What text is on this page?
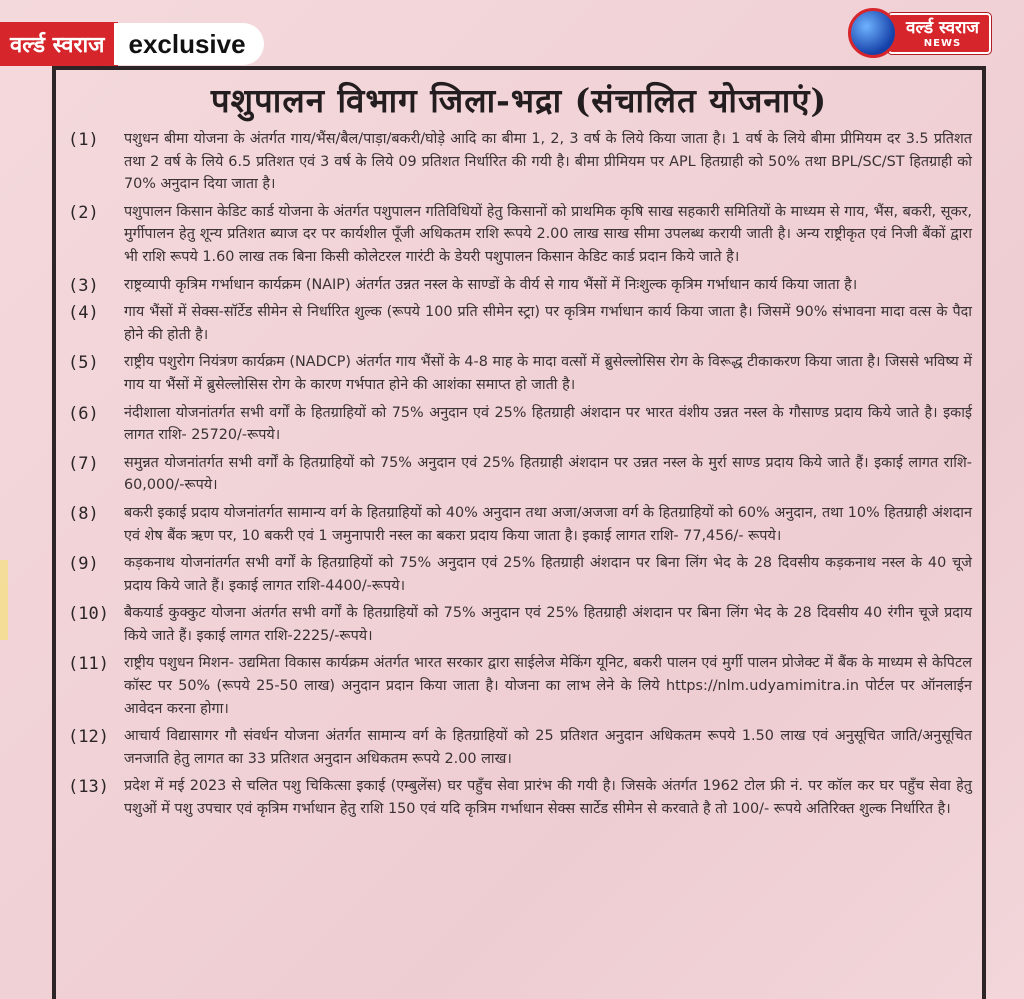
वर्ल्ड स्वराज exclusive
वर्ल्ड स्वराज
NEWS
पशुपालन विभाग जिला-भद्रा (संचालित योजनाएं)
(1)	पशुधन बीमा योजना के अंतर्गत गाय/भैंस/बैल/पाड़ा/बकरी/घोड़े आदि का बीमा 1, 2, 3 वर्ष के लिये किया जाता है। 1 वर्ष के लिये बीमा प्रीमियम दर 3.5 प्रतिशत तथा 2 वर्ष के लिये 6.5 प्रतिशत एवं 3 वर्ष के लिये 09 प्रतिशत निर्धारित की गयी है। बीमा प्रीमियम पर APL हितग्राही को 50% तथा BPL/SC/ST हितग्राही को 70% अनुदान दिया जाता है।
(2)	पशुपालन किसान केडिट कार्ड योजना के अंतर्गत पशुपालन गतिविधियों हेतु किसानों को प्राथमिक कृषि साख सहकारी समितियों के माध्यम से गाय, भैंस, बकरी, सूकर, मुर्गीपालन हेतु शून्य प्रतिशत ब्याज दर पर कार्यशील पूँजी अधिकतम राशि रूपये 2.00 लाख साख सीमा उपलब्ध करायी जाती है। अन्य राष्ट्रीकृत एवं निजी बैंकों द्वारा भी राशि रूपये 1.60 लाख तक बिना किसी कोलेटरल गारंटी के डेयरी पशुपालन किसान केडिट कार्ड प्रदान किये जाते है।
(3)	राष्ट्रव्यापी कृत्रिम गर्भाधान कार्यक्रम (NAIP) अंतर्गत उन्नत नस्ल के साण्डों के वीर्य से गाय भैंसों में निःशुल्क कृत्रिम गर्भाधान कार्य किया जाता है।
(4)	गाय भैंसों में सेक्स-सॉर्टेड सीमेन से निर्धारित शुल्क (रूपये 100 प्रति सीमेन स्ट्रा) पर कृत्रिम गर्भाधान कार्य किया जाता है। जिसमें 90% संभावना मादा वत्स के पैदा होने की होती है।
(5)	राष्ट्रीय पशुरोग नियंत्रण कार्यक्रम (NADCP) अंतर्गत गाय भैंसों के 4-8 माह के मादा वत्सों में ब्रुसेल्लोसिस रोग के विरूद्ध टीकाकरण किया जाता है। जिससे भविष्य में गाय या भैंसों में ब्रुसेल्लोसिस रोग के कारण गर्भपात होने की आशंका समाप्त हो जाती है।
(6)	नंदीशाला योजनांतर्गत सभी वर्गों के हितग्राहियों को 75% अनुदान एवं 25% हितग्राही अंशदान पर भारत वंशीय उन्नत नस्ल के गौसाण्ड प्रदाय किये जाते है। इकाई लागत राशि- 25720/-रूपये।
(7)	समुन्नत योजनांतर्गत सभी वर्गों के हितग्राहियों को 75% अनुदान एवं 25% हितग्राही अंशदान पर उन्नत नस्ल के मुर्रा साण्ड प्रदाय किये जाते हैं। इकाई लागत राशि- 60,000/-रूपये।
(8)	बकरी इकाई प्रदाय योजनांतर्गत सामान्य वर्ग के हितग्राहियों को 40% अनुदान तथा अजा/अजजा वर्ग के हितग्राहियों को 60% अनुदान, तथा 10% हितग्राही अंशदान एवं शेष बैंक ऋण पर, 10 बकरी एवं 1 जमुनापारी नस्ल का बकरा प्रदाय किया जाता है। इकाई लागत राशि- 77,456/- रूपये।
(9)	कड़कनाथ योजनांतर्गत सभी वर्गों के हितग्राहियों को 75% अनुदान एवं 25% हितग्राही अंशदान पर बिना लिंग भेद के 28 दिवसीय कड़कनाथ नस्ल के 40 चूजे प्रदाय किये जाते हैं। इकाई लागत राशि-4400/-रूपये।
(10)	बैकयार्ड कुक्कुट योजना अंतर्गत सभी वर्गों के हितग्राहियों को 75% अनुदान एवं 25% हितग्राही अंशदान पर बिना लिंग भेद के 28 दिवसीय 40 रंगीन चूजे प्रदाय किये जाते हैं। इकाई लागत राशि-2225/-रूपये।
(11)	राष्ट्रीय पशुधन मिशन- उद्यमिता विकास कार्यक्रम अंतर्गत भारत सरकार द्वारा साईलेज मेकिंग यूनिट, बकरी पालन एवं मुर्गी पालन प्रोजेक्ट में बैंक के माध्यम से केपिटल कॉस्ट पर 50% (रूपये 25-50 लाख) अनुदान प्रदान किया जाता है। योजना का लाभ लेने के लिये https://nlm.udyamimitra.in पोर्टल पर ऑनलाईन आवेदन करना होगा।
(12)	आचार्य विद्यासागर गौ संवर्धन योजना अंतर्गत सामान्य वर्ग के हितग्राहियों को 25 प्रतिशत अनुदान अधिकतम रूपये 1.50 लाख एवं अनुसूचित जाति/अनुसूचित जनजाति हेतु लागत का 33 प्रतिशत अनुदान अधिकतम रूपये 2.00 लाख।
(13)	प्रदेश में मई 2023 से चलित पशु चिकित्सा इकाई (एम्बुलेंस) घर पहुँच सेवा प्रारंभ की गयी है। जिसके अंतर्गत 1962 टोल फ्री नं. पर कॉल कर घर पहुँच सेवा हेतु पशुओं में पशु उपचार एवं कृत्रिम गर्भाधान हेतु राशि 150 एवं यदि कृत्रिम गर्भाधान सेक्स सार्टेड सीमेन से करवाते है तो 100/- रूपये अतिरिक्त शुल्क निर्धारित है।
